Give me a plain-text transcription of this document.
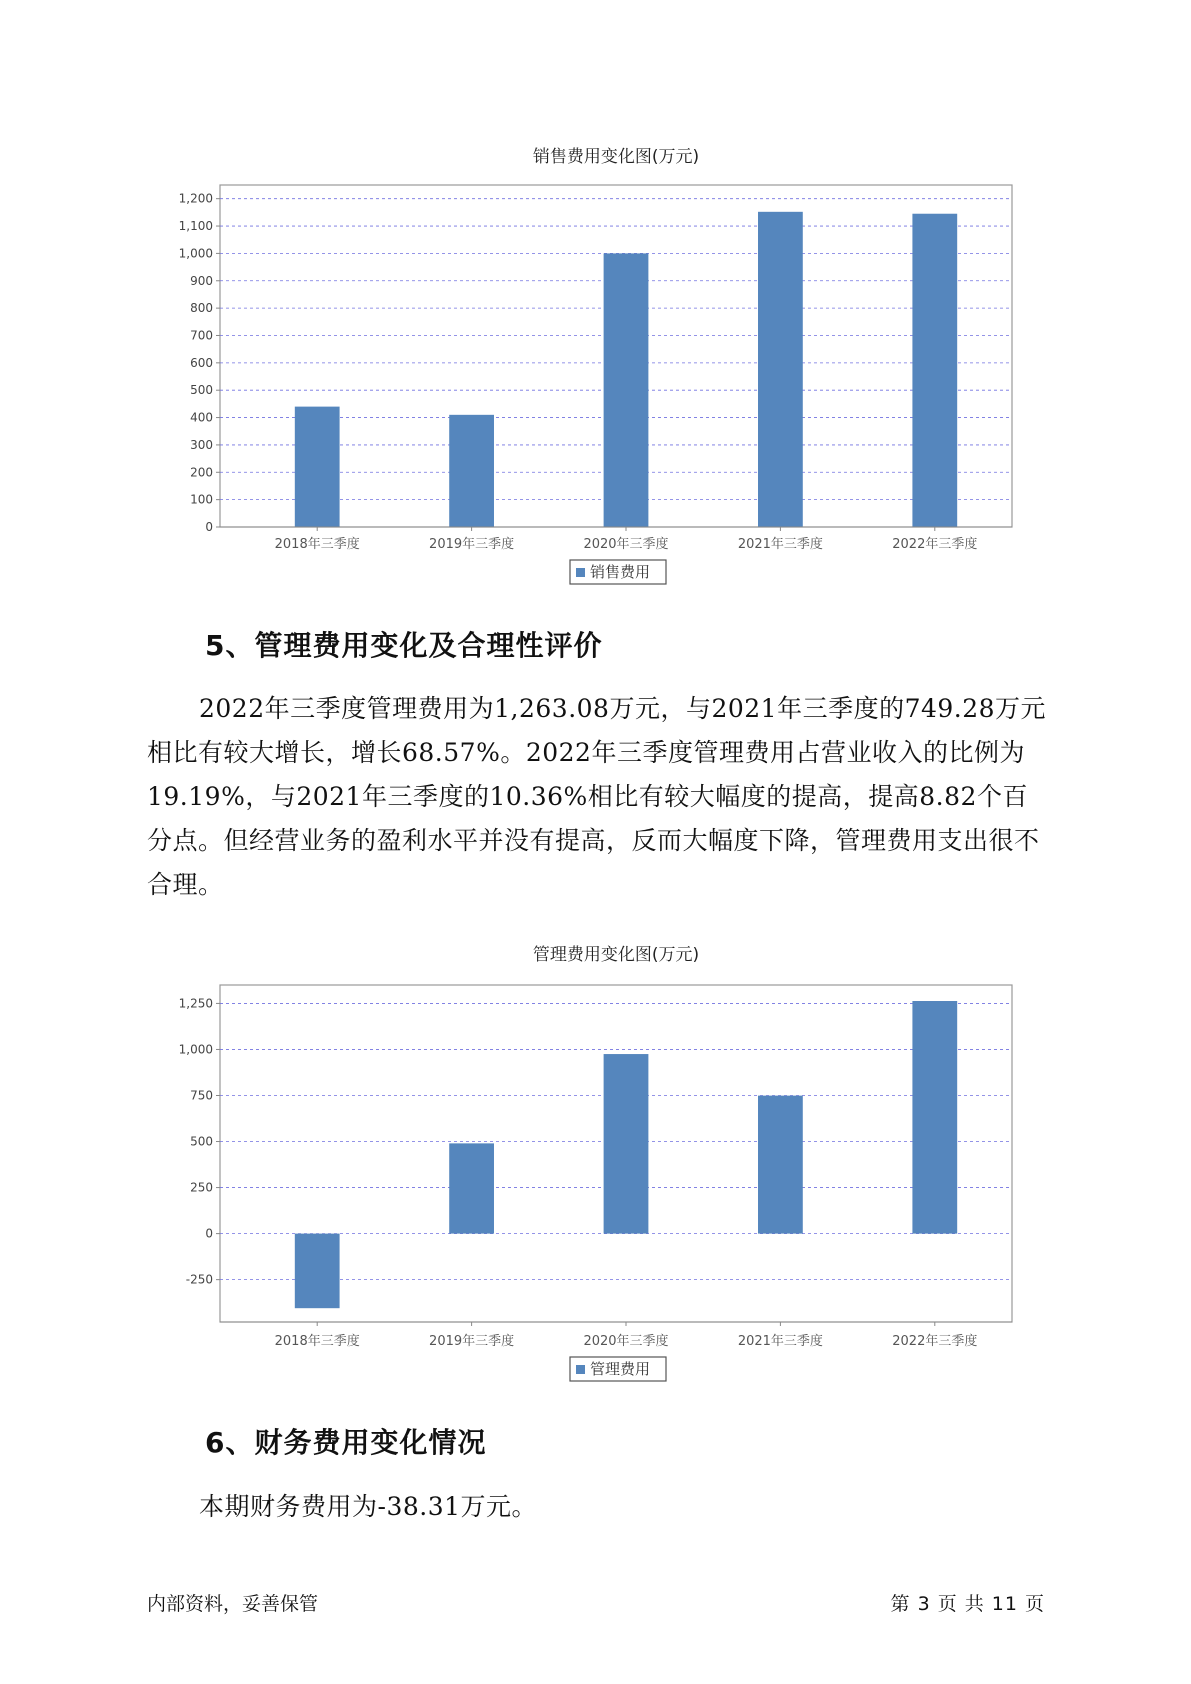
销售费用变化图(万元)
0
100
200
300
400
500
600
700
800
900
1,000
1,100
1,200
2018年三季度	2019年三季度	2020年三季度	2021年三季度	2022年三季度
销售费用
5、管理费用变化及合理性评价

2022年三季度管理费用为1,263.08万元，与2021年三季度的749.28万元相比有较大增长，增长68.57%。2022年三季度管理费用占营业收入的比例为19.19%，与2021年三季度的10.36%相比有较大幅度的提高，提高8.82个百分点。但经营业务的盈利水平并没有提高，反而大幅度下降，管理费用支出很不合理。

管理费用变化图(万元)
-250
0
250
500
750
1,000
1,250
2018年三季度	2019年三季度	2020年三季度	2021年三季度	2022年三季度
管理费用
6、财务费用变化情况

本期财务费用为-38.31万元。

内部资料，妥善保管	第 3 页 共 11 页
